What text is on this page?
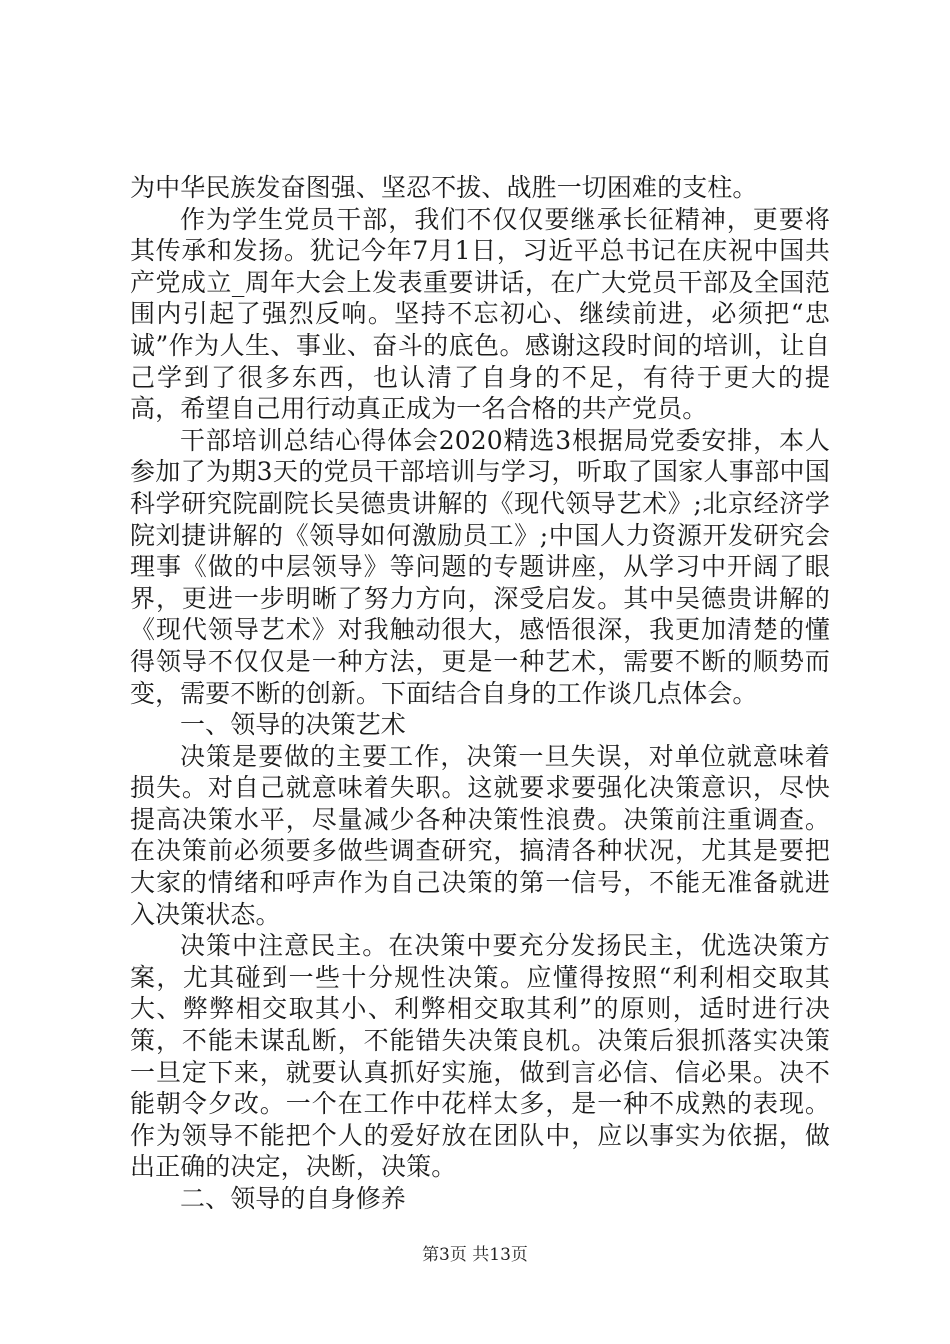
为中华民族发奋图强、坚忍不拔、战胜一切困难的支柱。

作为学生党员干部，我们不仅仅要继承长征精神，更要将其传承和发扬。犹记今年7月1日，习近平总书记在庆祝中国共产党成立_周年大会上发表重要讲话，在广大党员干部及全国范围内引起了强烈反响。坚持不忘初心、继续前进，必须把“忠诚”作为人生、事业、奋斗的底色。感谢这段时间的培训，让自己学到了很多东西，也认清了自身的不足，有待于更大的提高，希望自己用行动真正成为一名合格的共产党员。

干部培训总结心得体会2020精选3根据局党委安排，本人参加了为期3天的党员干部培训与学习，听取了国家人事部中国科学研究院副院长吴德贵讲解的《现代领导艺术》;北京经济学院刘捷讲解的《领导如何激励员工》;中国人力资源开发研究会理事《做的中层领导》等问题的专题讲座，从学习中开阔了眼界，更进一步明晰了努力方向，深受启发。其中吴德贵讲解的《现代领导艺术》对我触动很大，感悟很深，我更加清楚的懂得领导不仅仅是一种方法，更是一种艺术，需要不断的顺势而变，需要不断的创新。下面结合自身的工作谈几点体会。

一、领导的决策艺术

决策是要做的主要工作，决策一旦失误，对单位就意味着损失。对自己就意味着失职。这就要求要强化决策意识，尽快提高决策水平，尽量减少各种决策性浪费。决策前注重调查。在决策前必须要多做些调查研究，搞清各种状况，尤其是要把大家的情绪和呼声作为自己决策的第一信号，不能无准备就进入决策状态。

决策中注意民主。在决策中要充分发扬民主，优选决策方案，尤其碰到一些十分规性决策。应懂得按照“利利相交取其大、弊弊相交取其小、利弊相交取其利”的原则，适时进行决策，不能未谋乱断，不能错失决策良机。决策后狠抓落实决策一旦定下来，就要认真抓好实施，做到言必信、信必果。决不能朝令夕改。一个在工作中花样太多，是一种不成熟的表现。作为领导不能把个人的爱好放在团队中，应以事实为依据，做出正确的决定，决断，决策。

二、领导的自身修养

第3页 共13页
